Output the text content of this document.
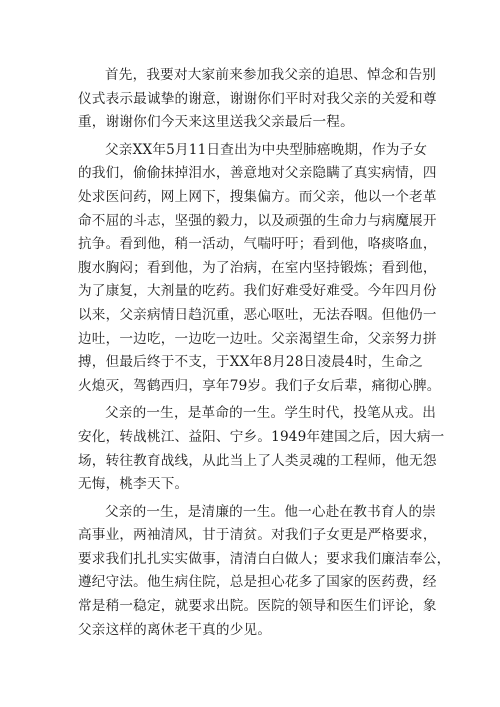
首先，我要对大家前来参加我父亲的追思、悼念和告别
仪式表示最诚挚的谢意，谢谢你们平时对我父亲的关爱和尊
重，谢谢你们今天来这里送我父亲最后一程。

父亲XX年5月11日查出为中央型肺癌晚期，作为子女
的我们，偷偷抹掉泪水，善意地对父亲隐瞒了真实病情，四
处求医问药，网上网下，搜集偏方。而父亲，他以一个老革
命不屈的斗志，坚强的毅力，以及顽强的生命力与病魔展开
抗争。看到他，稍一活动，气喘吁吁；看到他，咯痰咯血，
腹水胸闷；看到他，为了治病，在室内坚持锻炼；看到他，
为了康复，大剂量的吃药。我们好难受好难受。今年四月份
以来，父亲病情日趋沉重，恶心呕吐，无法吞咽。但他仍一
边吐，一边吃，一边吃一边吐。父亲渴望生命，父亲努力拼
搏，但最后终于不支，于XX年8月28日凌晨4时，生命之
火熄灭，驾鹤西归，享年79岁。我们子女后辈，痛彻心脾。

父亲的一生，是革命的一生。学生时代，投笔从戎。出
安化，转战桃江、益阳、宁乡。1949年建国之后，因大病一
场，转往教育战线，从此当上了人类灵魂的工程师，他无怨
无悔，桃李天下。

父亲的一生，是清廉的一生。他一心赴在教书育人的崇
高事业，两袖清风，甘于清贫。对我们子女更是严格要求，
要求我们扎扎实实做事，清清白白做人；要求我们廉洁奉公，
遵纪守法。他生病住院，总是担心花多了国家的医药费，经
常是稍一稳定，就要求出院。医院的领导和医生们评论，象
父亲这样的离休老干真的少见。
